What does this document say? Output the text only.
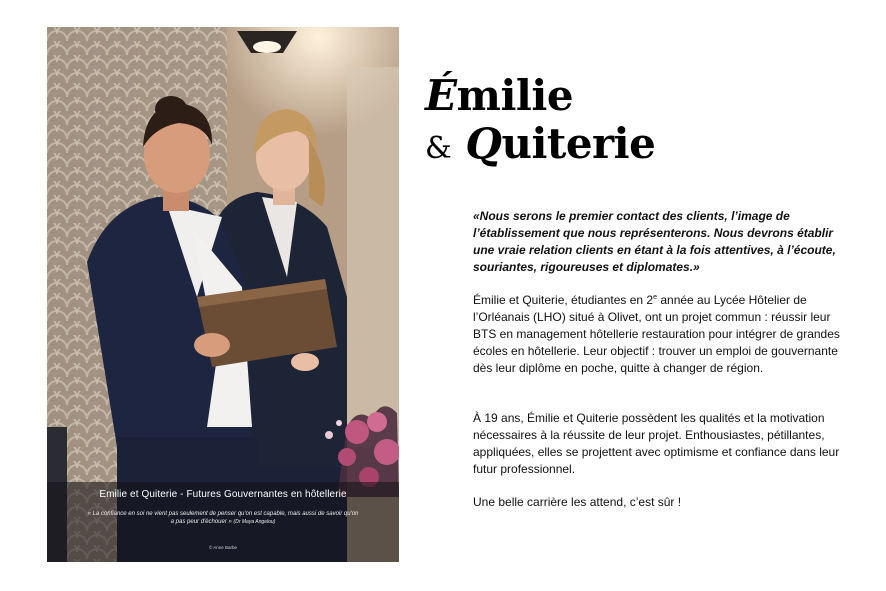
Emilie et Quiterie - Futures Gouvernantes en hôtellerie
« La confiance en soi ne vient pas seulement de penser qu'on est capable, mais aussi de savoir qu'on a pas peur d'échouer » (Dr Maya Angelou)
© Anne Barbe
Émilie
& Quiterie

«Nous serons le premier contact des clients, l’image de l’établissement que nous représenterons. Nous devrons établir une vraie relation clients en étant à la fois attentives, à l’écoute, souriantes, rigoureuses et diplomates.»

Émilie et Quiterie, étudiantes en 2e année au Lycée Hôtelier de l’Orléanais (LHO) situé à Olivet, ont un projet commun : réussir leur BTS en management hôtellerie restauration pour intégrer de grandes écoles en hôtellerie. Leur objectif : trouver un emploi de gouvernante dès leur diplôme en poche, quitte à changer de région.

À 19 ans, Émilie et Quiterie possèdent les qualités et la motivation nécessaires à la réussite de leur projet. Enthousiastes, pétillantes, appliquées, elles se projettent avec optimisme et confiance dans leur futur professionnel.

Une belle carrière les attend, c’est sûr !
